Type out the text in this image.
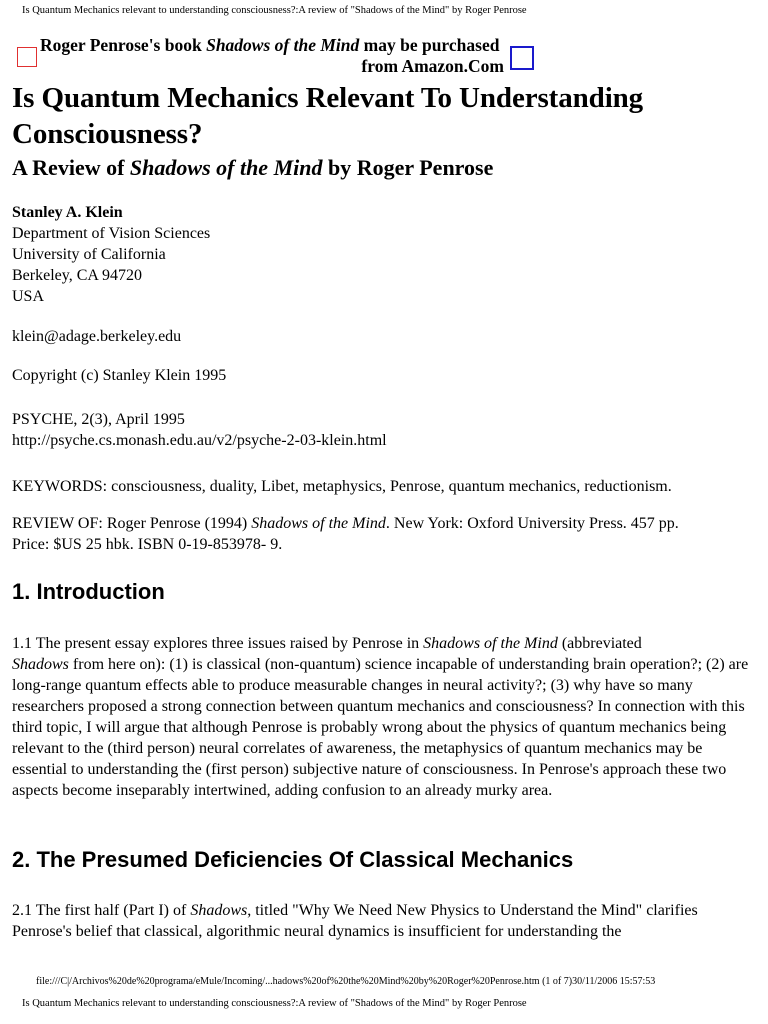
Is Quantum Mechanics relevant to understanding consciousness?:A review of "Shadows of the Mind" by Roger Penrose
Roger Penrose's book Shadows of the Mind may be purchased
from Amazon.Com
Is Quantum Mechanics Relevant To Understanding
Consciousness?
A Review of Shadows of the Mind by Roger Penrose

Stanley A. Klein

Department of Vision Sciences

University of California

Berkeley, CA 94720

USA

klein@adage.berkeley.edu

Copyright (c) Stanley Klein 1995

PSYCHE, 2(3), April 1995

http://psyche.cs.monash.edu.au/v2/psyche-2-03-klein.html

KEYWORDS: consciousness, duality, Libet, metaphysics, Penrose, quantum mechanics, reductionism.

REVIEW OF: Roger Penrose (1994) Shadows of the Mind. New York: Oxford University Press. 457 pp.

Price: $US 25 hbk. ISBN 0-19-853978- 9.

1. Introduction

1.1 The present essay explores three issues raised by Penrose in Shadows of the Mind (abbreviated
Shadows from here on): (1) is classical (non-quantum) science incapable of understanding brain operation?; (2) are long-range quantum effects able to produce measurable changes in neural activity?; (3) why have so many researchers proposed a strong connection between quantum mechanics and consciousness? In connection with this third topic, I will argue that although Penrose is probably wrong about the physics of quantum mechanics being relevant to the (third person) neural correlates of awareness, the metaphysics of quantum mechanics may be essential to understanding the (first person) subjective nature of consciousness. In Penrose's approach these two aspects become inseparably intertwined, adding confusion to an already murky area.

2. The Presumed Deficiencies Of Classical Mechanics

2.1 The first half (Part I) of Shadows, titled "Why We Need New Physics to Understand the Mind" clarifies Penrose's belief that classical, algorithmic neural dynamics is insufficient for understanding the

file:///C|/Archivos%20de%20programa/eMule/Incoming/...hadows%20of%20the%20Mind%20by%20Roger%20Penrose.htm (1 of 7)30/11/2006 15:57:53
Is Quantum Mechanics relevant to understanding consciousness?:A review of "Shadows of the Mind" by Roger Penrose
